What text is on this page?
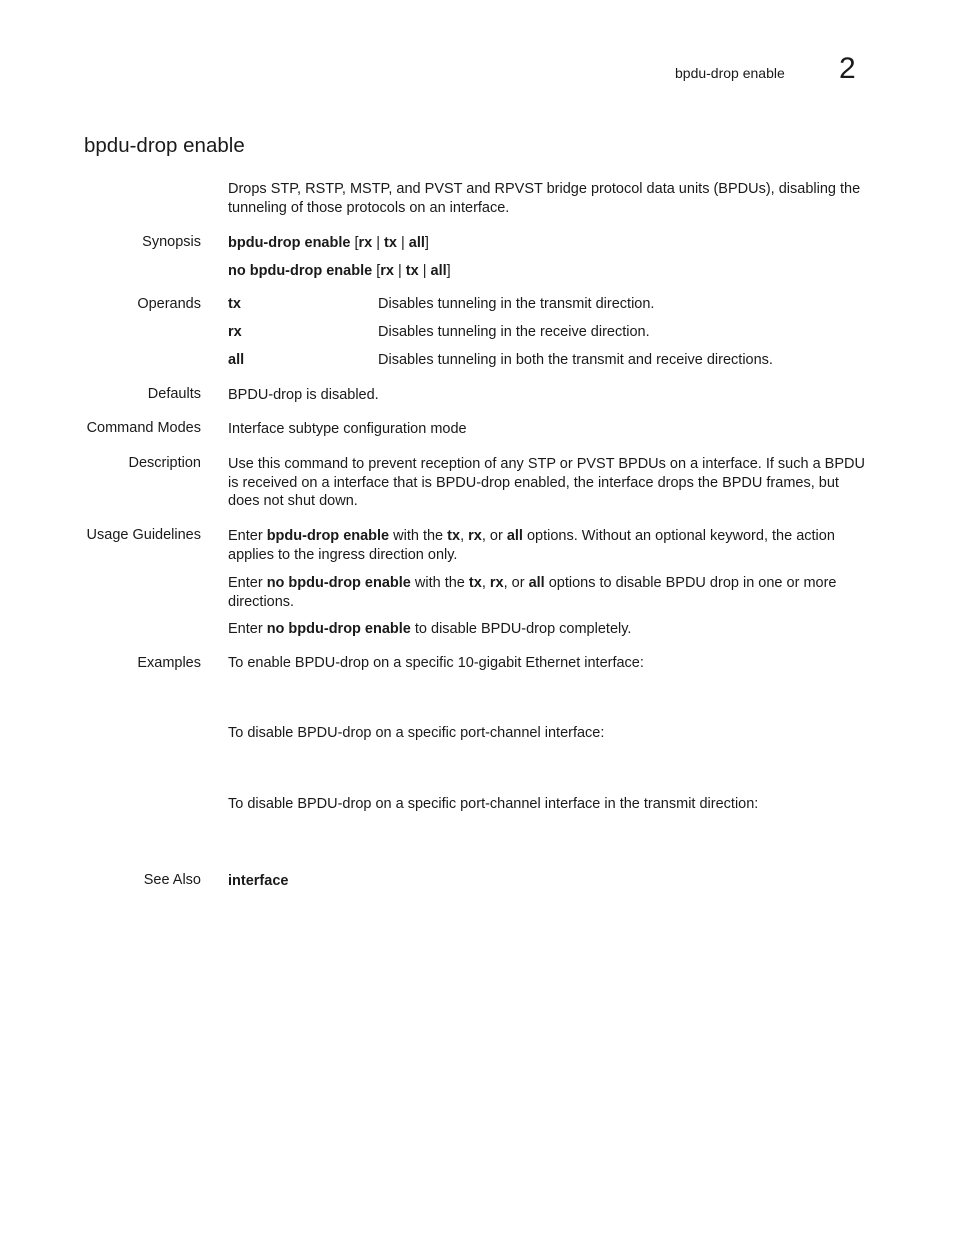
bpdu-drop enable 2
bpdu-drop enable
Drops STP, RSTP, MSTP, and PVST and RPVST bridge protocol data units (BPDUs), disabling the tunneling of those protocols on an interface.
Synopsis bpdu-drop enable [rx | tx | all]
no bpdu-drop enable [rx | tx | all]
Operands tx	Disables tunneling in the transmit direction.
rx	Disables tunneling in the receive direction.
all	Disables tunneling in both the transmit and receive directions.
Defaults BPDU-drop is disabled.
Command Modes Interface subtype configuration mode
Description Use this command to prevent reception of any STP or PVST BPDUs on a interface. If such a BPDU is received on a interface that is BPDU-drop enabled, the interface drops the BPDU frames, but does not shut down.
Usage Guidelines Enter bpdu-drop enable with the tx, rx, or all options. Without an optional keyword, the action applies to the ingress direction only.
Enter no bpdu-drop enable with the tx, rx, or all options to disable BPDU drop in one or more directions.
Enter no bpdu-drop enable to disable BPDU-drop completely.
Examples To enable BPDU-drop on a specific 10-gigabit Ethernet interface:
To disable BPDU-drop on a specific port-channel interface:
To disable BPDU-drop on a specific port-channel interface in the transmit direction:
See Also interface
